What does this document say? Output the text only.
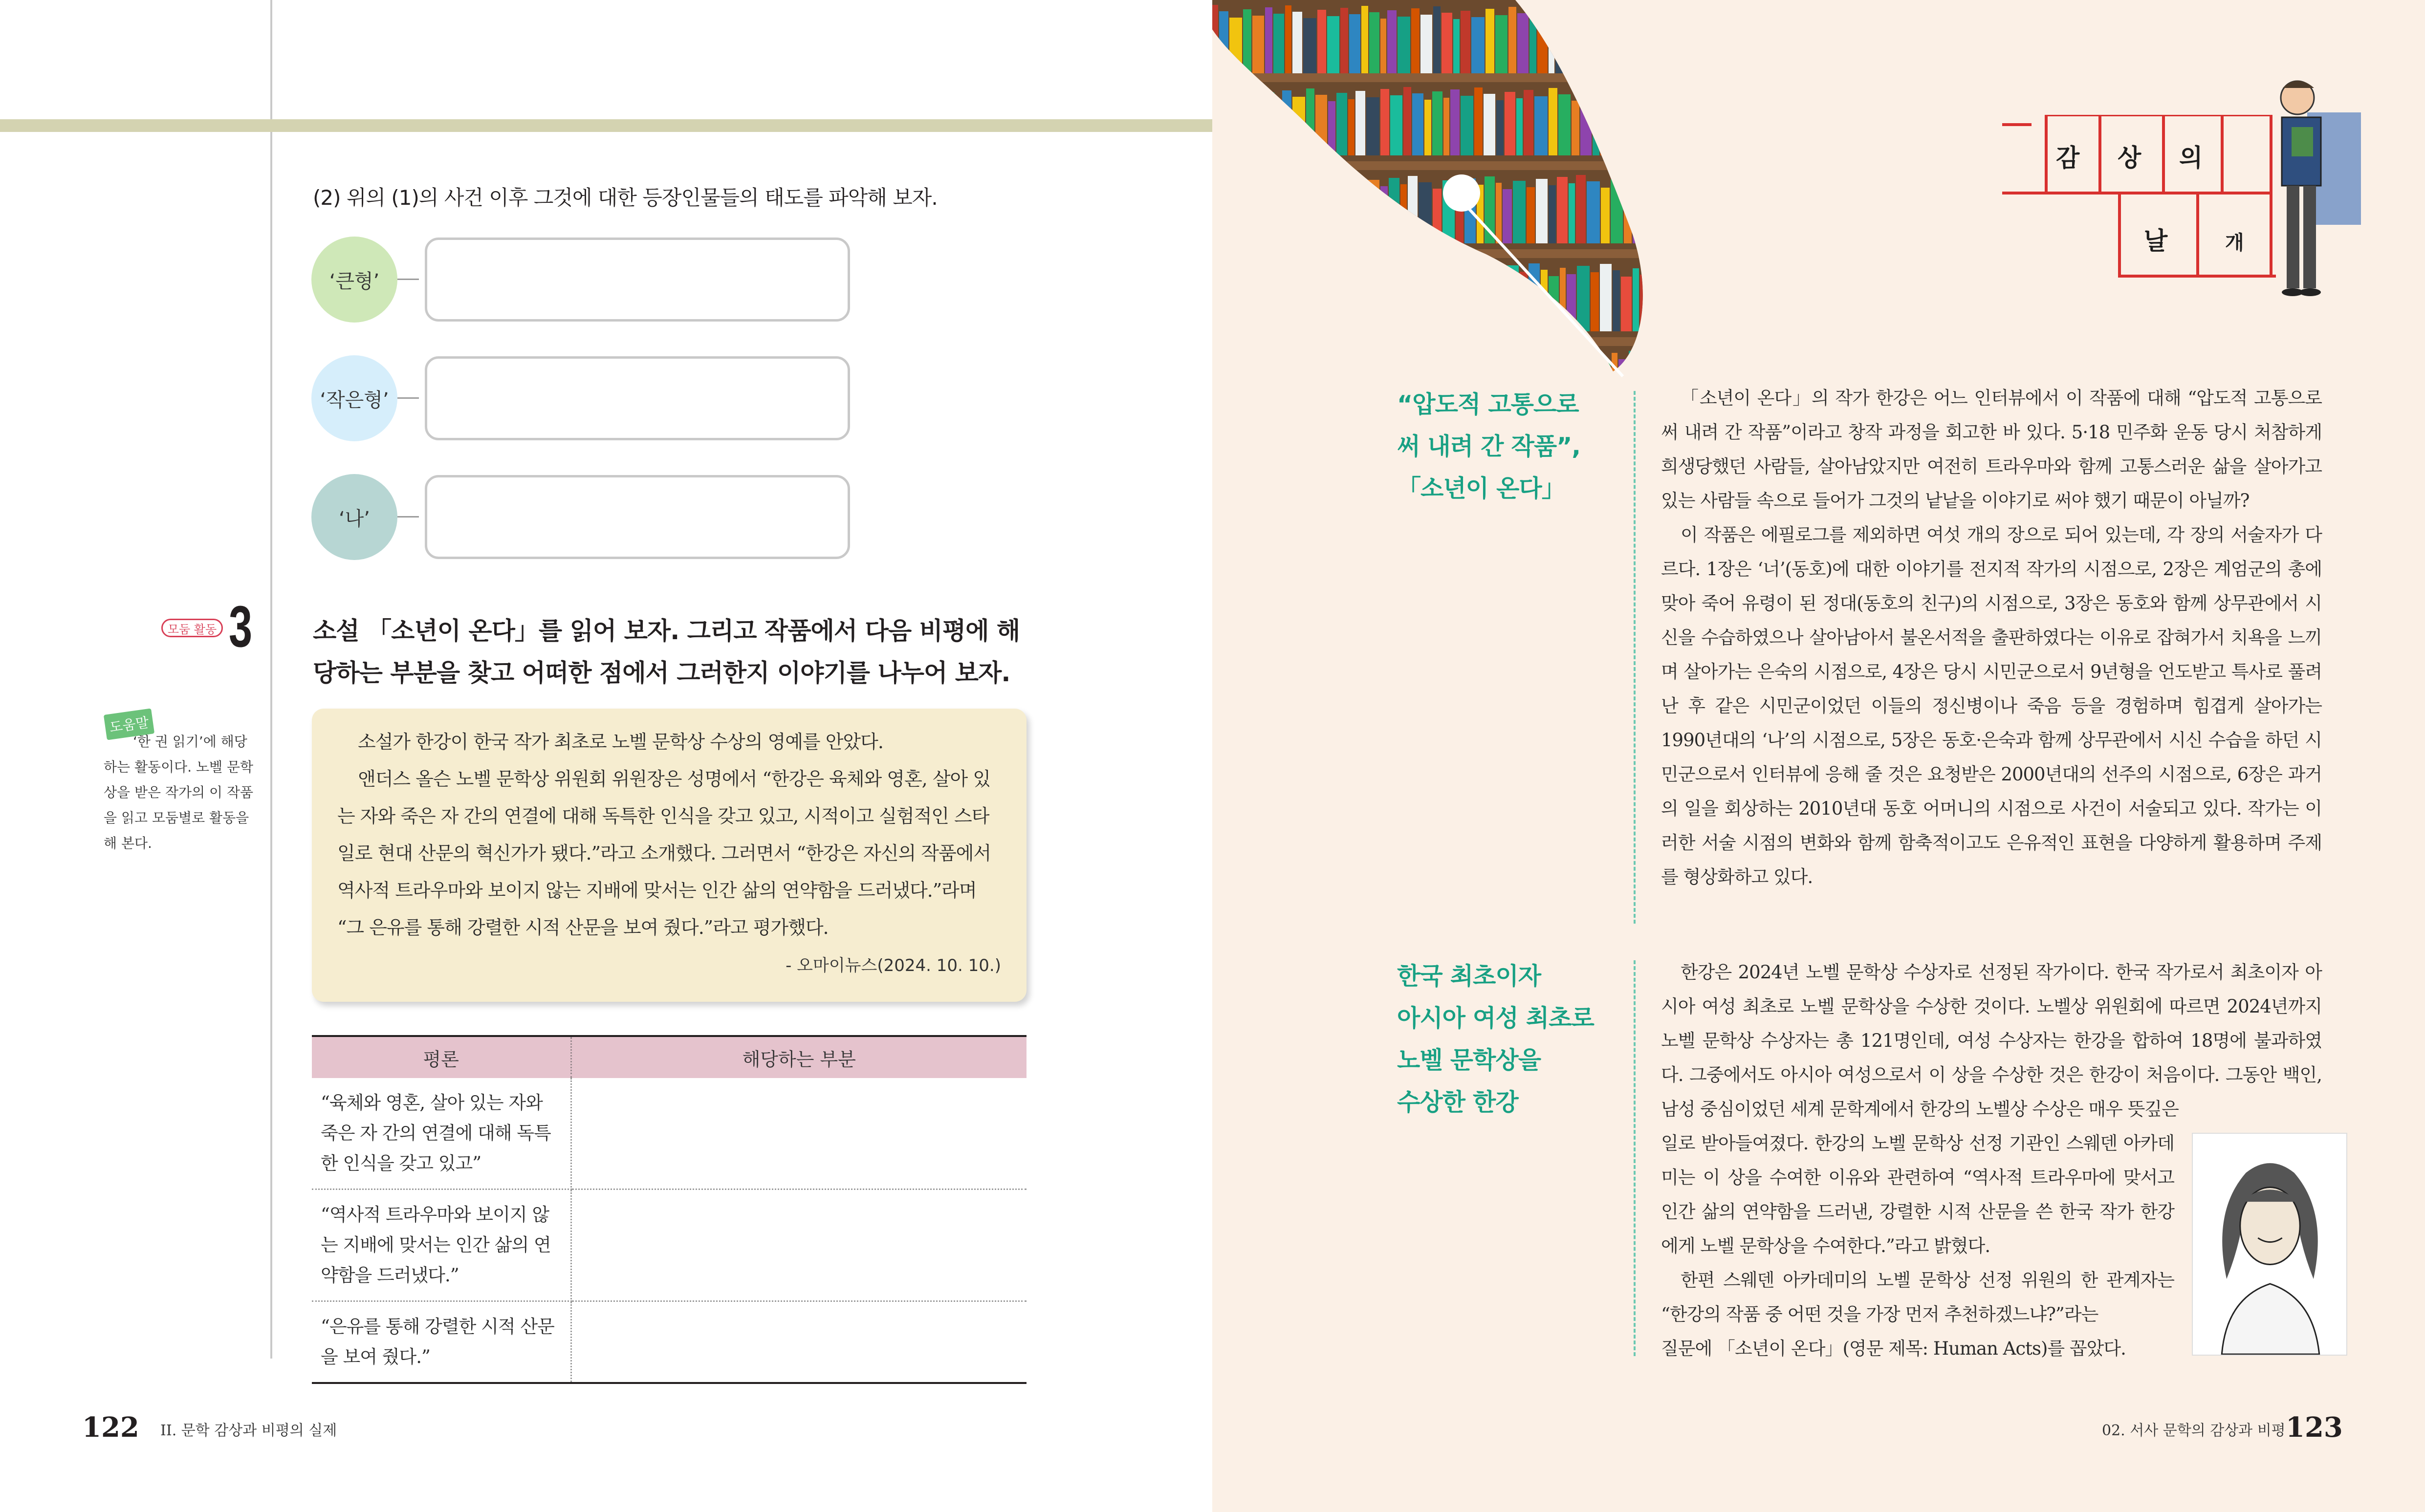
(2) 위의 (1)의 사건 이후 그것에 대한 등장인물들의 태도를 파악해 보자.
‘큰형’
‘작은형’
‘나’
모둠 활동 3 소설 「소년이 온다」를 읽어 보자. 그리고 작품에서 다음 비평에 해당하는 부분을 찾고 어떠한 점에서 그러한지 이야기를 나누어 보자.
도움말
‘한 권 읽기’에 해당하는 활동이다. 노벨 문학상을 받은 작가의 이 작품을 읽고 모둠별로 활동을 해 본다.

소설가 한강이 한국 작가 최초로 노벨 문학상 수상의 영예를 안았다.

앤더스 올슨 노벨 문학상 위원회 위원장은 성명에서 “한강은 육체와 영혼, 살아 있는 자와 죽은 자 간의 연결에 대해 독특한 인식을 갖고 있고, 시적이고 실험적인 스타일로 현대 산문의 혁신가가 됐다.”라고 소개했다. 그러면서 “한강은 자신의 작품에서 역사적 트라우마와 보이지 않는 지배에 맞서는 인간 삶의 연약함을 드러냈다.”라며 “그 은유를 통해 강렬한 시적 산문을 보여 줬다.”라고 평가했다.

- 오마이뉴스(2024. 10. 10.)
평론	해당하는 부분
“육체와 영혼, 살아 있는 자와 죽은 자 간의 연결에 대해 독특한 인식을 갖고 있고”	
“역사적 트라우마와 보이지 않는 지배에 맞서는 인간 삶의 연약함을 드러냈다.”	
“은유를 통해 강렬한 시적 산문을 보여 줬다.”	
122 II. 문학 감상과 비평의 실제
감 상 의
날	개
“압도적 고통으로
써 내려 간 작품”,
「소년이 온다」

「소년이 온다」의 작가 한강은 어느 인터뷰에서 이 작품에 대해 “압도적 고통으로 써 내려 간 작품”이라고 창작 과정을 회고한 바 있다. 5·18 민주화 운동 당시 처참하게 희생당했던 사람들, 살아남았지만 여전히 트라우마와 함께 고통스러운 삶을 살아가고 있는 사람들 속으로 들어가 그것의 낱낱을 이야기로 써야 했기 때문이 아닐까?

이 작품은 에필로그를 제외하면 여섯 개의 장으로 되어 있는데, 각 장의 서술자가 다르다. 1장은 ‘너’(동호)에 대한 이야기를 전지적 작가의 시점으로, 2장은 계엄군의 총에 맞아 죽어 유령이 된 정대(동호의 친구)의 시점으로, 3장은 동호와 함께 상무관에서 시신을 수습하였으나 살아남아서 불온서적을 출판하였다는 이유로 잡혀가서 치욕을 느끼며 살아가는 은숙의 시점으로, 4장은 당시 시민군으로서 9년형을 언도받고 특사로 풀려난 후 같은 시민군이었던 이들의 정신병이나 죽음 등을 경험하며 힘겹게 살아가는 1990년대의 ‘나’의 시점으로, 5장은 동호·은숙과 함께 상무관에서 시신 수습을 하던 시민군으로서 인터뷰에 응해 줄 것은 요청받은 2000년대의 선주의 시점으로, 6장은 과거의 일을 회상하는 2010년대 동호 어머니의 시점으로 사건이 서술되고 있다. 작가는 이러한 서술 시점의 변화와 함께 함축적이고도 은유적인 표현을 다양하게 활용하며 주제를 형상화하고 있다.

한국 최초이자
아시아 여성 최초로
노벨 문학상을
수상한 한강

한강은 2024년 노벨 문학상 수상자로 선정된 작가이다. 한국 작가로서 최초이자 아시아 여성 최초로 노벨 문학상을 수상한 것이다. 노벨상 위원회에 따르면 2024년까지 노벨 문학상 수상자는 총 121명인데, 여성 수상자는 한강을 합하여 18명에 불과하였다. 그중에서도 아시아 여성으로서 이 상을 수상한 것은 한강이 처음이다. 그동안 백인, 남성 중심이었던 세계 문학계에서 한강의 노벨상 수상은 매우 뜻깊은

일로 받아들여졌다. 한강의 노벨 문학상 선정 기관인 스웨덴 아카데미는 이 상을 수여한 이유와 관련하여 “역사적 트라우마에 맞서고 인간 삶의 연약함을 드러낸, 강렬한 시적 산문을 쓴 한국 작가 한강에게 노벨 문학상을 수여한다.”라고 밝혔다.

한편 스웨덴 아카데미의 노벨 문학상 선정 위원의 한 관계자는 “한강의 작품 중 어떤 것을 가장 먼저 추천하겠느냐?”라는

질문에 「소년이 온다」(영문 제목: Human Acts)를 꼽았다.

02. 서사 문학의 감상과 비평 123
